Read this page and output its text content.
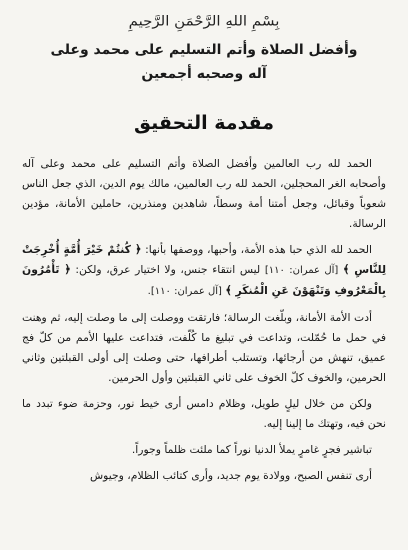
بِسْمِ اللهِ الرَّحْمَنِ الرَّحِيمِ
وأفضل الصلاة وأتم التسليم على محمد وعلى
آله وصحبه أجمعين
مقدمة التحقيق

الحمد لله رب العالمين وأفضل الصلاة وأتم التسليم على محمد وعلى آله وأصحابه الغر المحجلين، الحمد لله رب العالمين، مالك يوم الدين، الذي جعل الناس شعوباً وقبائل، وجعل أمتنا أمة وسطاً، شاهدين ومنذرين، حاملين الأمانة، مؤدين الرسالة.

الحمد لله الذي حبا هذه الأمة، وأحبها، ووصفها بأنها: ﴿ كُنتُمْ خَيْرَ أُمَّةٍ أُخْرِجَتْ لِلنَّاسِ ﴾ [آل عمران: ١١٠] ليس انتقاء جنس، ولا اختيار عرق، ولكن: ﴿ تَأْمُرُونَ بِالْمَعْرُوفِ وَتَنْهَوْنَ عَنِ الْمُنكَرِ ﴾ [آل عمران: ١١٠].

أدت الأمة الأمانة، وبلّغت الرسالة؛ فارتقت ووصلت إلى ما وصلت إليه، ثم وهنت في حمل ما حُمّلت، وتداعت في تبليغ ما كُلّفت، فتداعت عليها الأمم من كلّ فج عميق، تنهش من أرجائها، وتستلب أطرافها، حتى وصلت إلى أولى القبلتين وثاني الحرمين، والخوف كلّ الخوف على ثاني القبلتين وأول الحرمين.

ولكن من خلال ليلٍ طويل، وظلام دامس أرى خيط نور، وحزمة ضوء تبدد ما نحن فيه، وتهتك ما إلينا إليه.

تباشير فجرٍ غامرٍ يملأ الدنيا نوراً كما ملئت ظلماً وجوراً.

أرى تنفس الصبح، وولادة يوم جديد، وأرى كتائب الظلام، وجيوش
